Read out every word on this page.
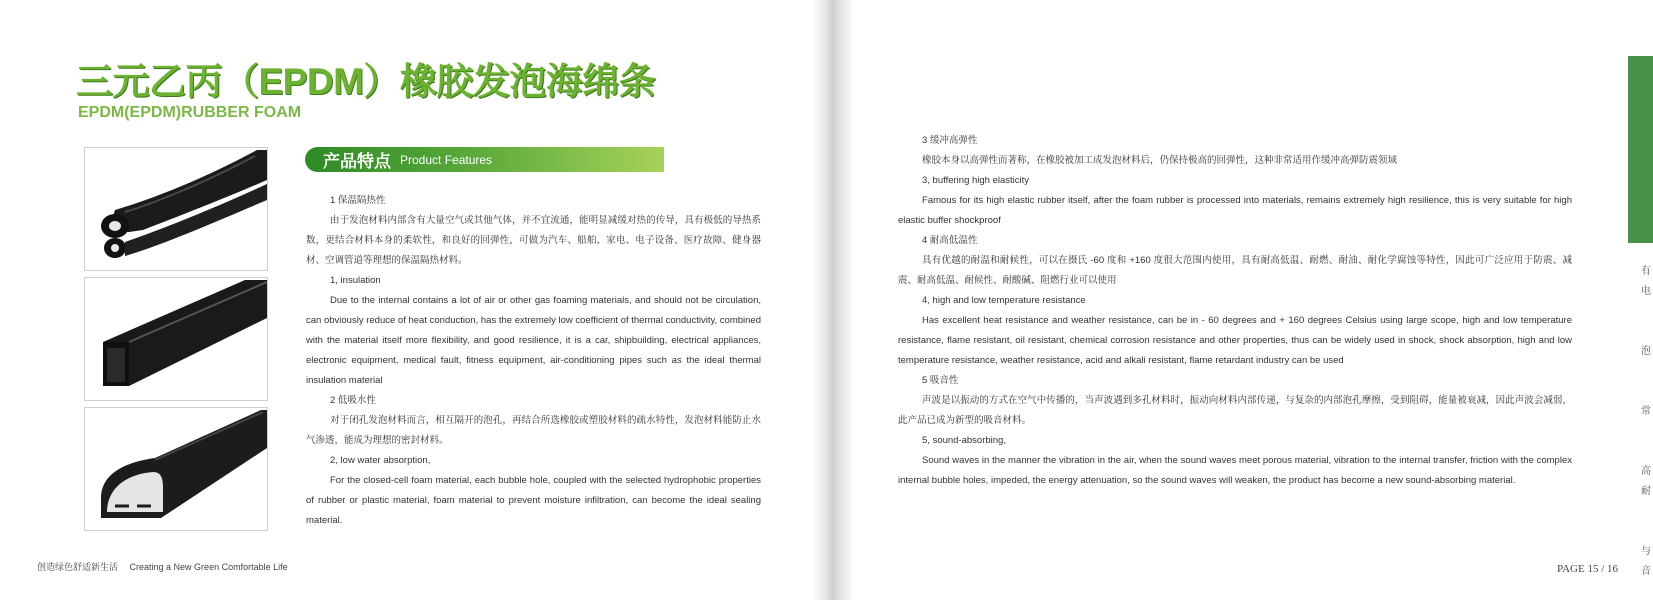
三元乙丙（EPDM）橡胶发泡海绵条
EPDM(EPDM)RUBBER FOAM
产品特点 Product Features

1 保温隔热性

由于发泡材料内部含有大量空气或其他气体，并不宜流通，能明显减缓对热的传导，具有极低的导热系数，更结合材料本身的柔软性，和良好的回弹性，可做为汽车、船舶、家电、电子设备、医疗故障、健身器材、空调管道等理想的保温隔热材料。

1, insulation

Due to the internal contains a lot of air or other gas foaming materials, and should not be circulation, can obviously reduce of heat conduction, has the extremely low coefficient of thermal conductivity, combined with the material itself more flexibility, and good resilience, it is a car, shipbuilding, electrical appliances, electronic equipment, medical fault, fitness equipment, air-conditioning pipes such as the ideal thermal insulation material

2 低吸水性

对于闭孔发泡材料而言，相互隔开的泡孔，再结合所选橡胶或塑胶材料的疏水特性，发泡材料能防止水气渗透，能成为理想的密封材料。

2, low water absorption,

For the closed-cell foam material, each bubble hole, coupled with the selected hydrophobic properties of rubber or plastic material, foam material to prevent moisture infiltration, can become the ideal sealing material.

创造绿色舒适新生活 Creating a New Green Comfortable Life

3 缓冲高弹性

橡胶本身以高弹性而著称，在橡胶被加工成发泡材料后，仍保持极高的回弹性，这种非常适用作缓冲高弹防震领域

3, buffering high elasticity

Famous for its high elastic rubber itself, after the foam rubber is processed into materials, remains extremely high resilience, this is very suitable for high elastic buffer shockproof

4 耐高低温性

具有优越的耐温和耐候性，可以在摄氏 -60 度和 +160 度很大范围内使用，具有耐高低温、耐燃、耐油、耐化学腐蚀等特性，因此可广泛应用于防震、减震、耐高低温、耐候性、耐酸碱、阻燃行业可以使用

4, high and low temperature resistance

Has excellent heat resistance and weather resistance, can be in - 60 degrees and + 160 degrees Celsius using large scope, high and low temperature resistance, flame resistant, oil resistant, chemical corrosion resistance and other properties, thus can be widely used in shock, shock absorption, high and low temperature resistance, weather resistance, acid and alkali resistant, flame retardant industry can be used

5 吸音性

声波是以振动的方式在空气中传播的，当声波遇到多孔材料时，振动向材料内部传递，与复杂的内部泡孔摩擦，受到阻碍，能量被衰减，因此声波会减弱，此产品已成为新型的吸音材料。

5, sound-absorbing,

Sound waves in the manner the vibration in the air, when the sound waves meet porous material, vibration to the internal transfer, friction with the complex internal bubble holes, impeded, the energy attenuation, so the sound waves will weaken, the product has become a new sound-absorbing material.

PAGE 15 / 16
有
电
泡
常
高
耐
与
音
